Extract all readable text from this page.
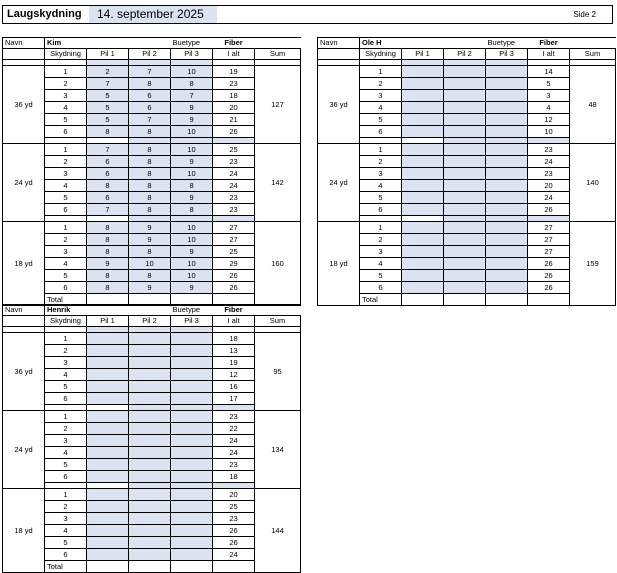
Laugskydning	14. september 2025	Side 2
Navn	Kim			Buetype	Fiber		
	Skydning	Pil 1	Pil 2	Pil 3	I alt	Sum	

36 yd	1	2	7	10	19	127	
	2	7	8	8	23		
	3	5	6	7	18		
	4	5	6	9	20		
	5	5	7	9	21		
	6	8	8	10	26		

24 yd	1	7	8	10	25	142	
	2	6	8	9	23		
	3	6	8	10	24		
	4	8	8	8	24		
	5	6	8	9	23		
	6	7	8	8	23		

18 yd	1	8	9	10	27	160	
	2	8	9	10	27		
	3	8	8	9	25		
	4	9	10	10	29		
	5	8	8	10	26		
	6	8	9	9	26		
	Total						
Navn	Ole H			Buetype	Fiber		
	Skydning	Pil 1	Pil 2	Pil 3	I alt	Sum	

36 yd	1				14	48	
	2				5		
	3				3		
	4				4		
	5				12		
	6				10		

24 yd	1				23	140	
	2				24		
	3				23		
	4				20		
	5				24		
	6				26		

18 yd	1				27	159	
	2				27		
	3				27		
	4				26		
	5				26		
	6				26		
	Total						
Navn	Henrik			Buetype	Fiber		
	Skydning	Pil 1	Pil 2	Pil 3	I alt	Sum	

36 yd	1				18	95	
	2				13		
	3				19		
	4				12		
	5				16		
	6				17		

24 yd	1				23	134	
	2				22		
	3				24		
	4				24		
	5				23		
	6				18		

18 yd	1				20	144	
	2				25		
	3				23		
	4				26		
	5				26		
	6				24		
	Total						
